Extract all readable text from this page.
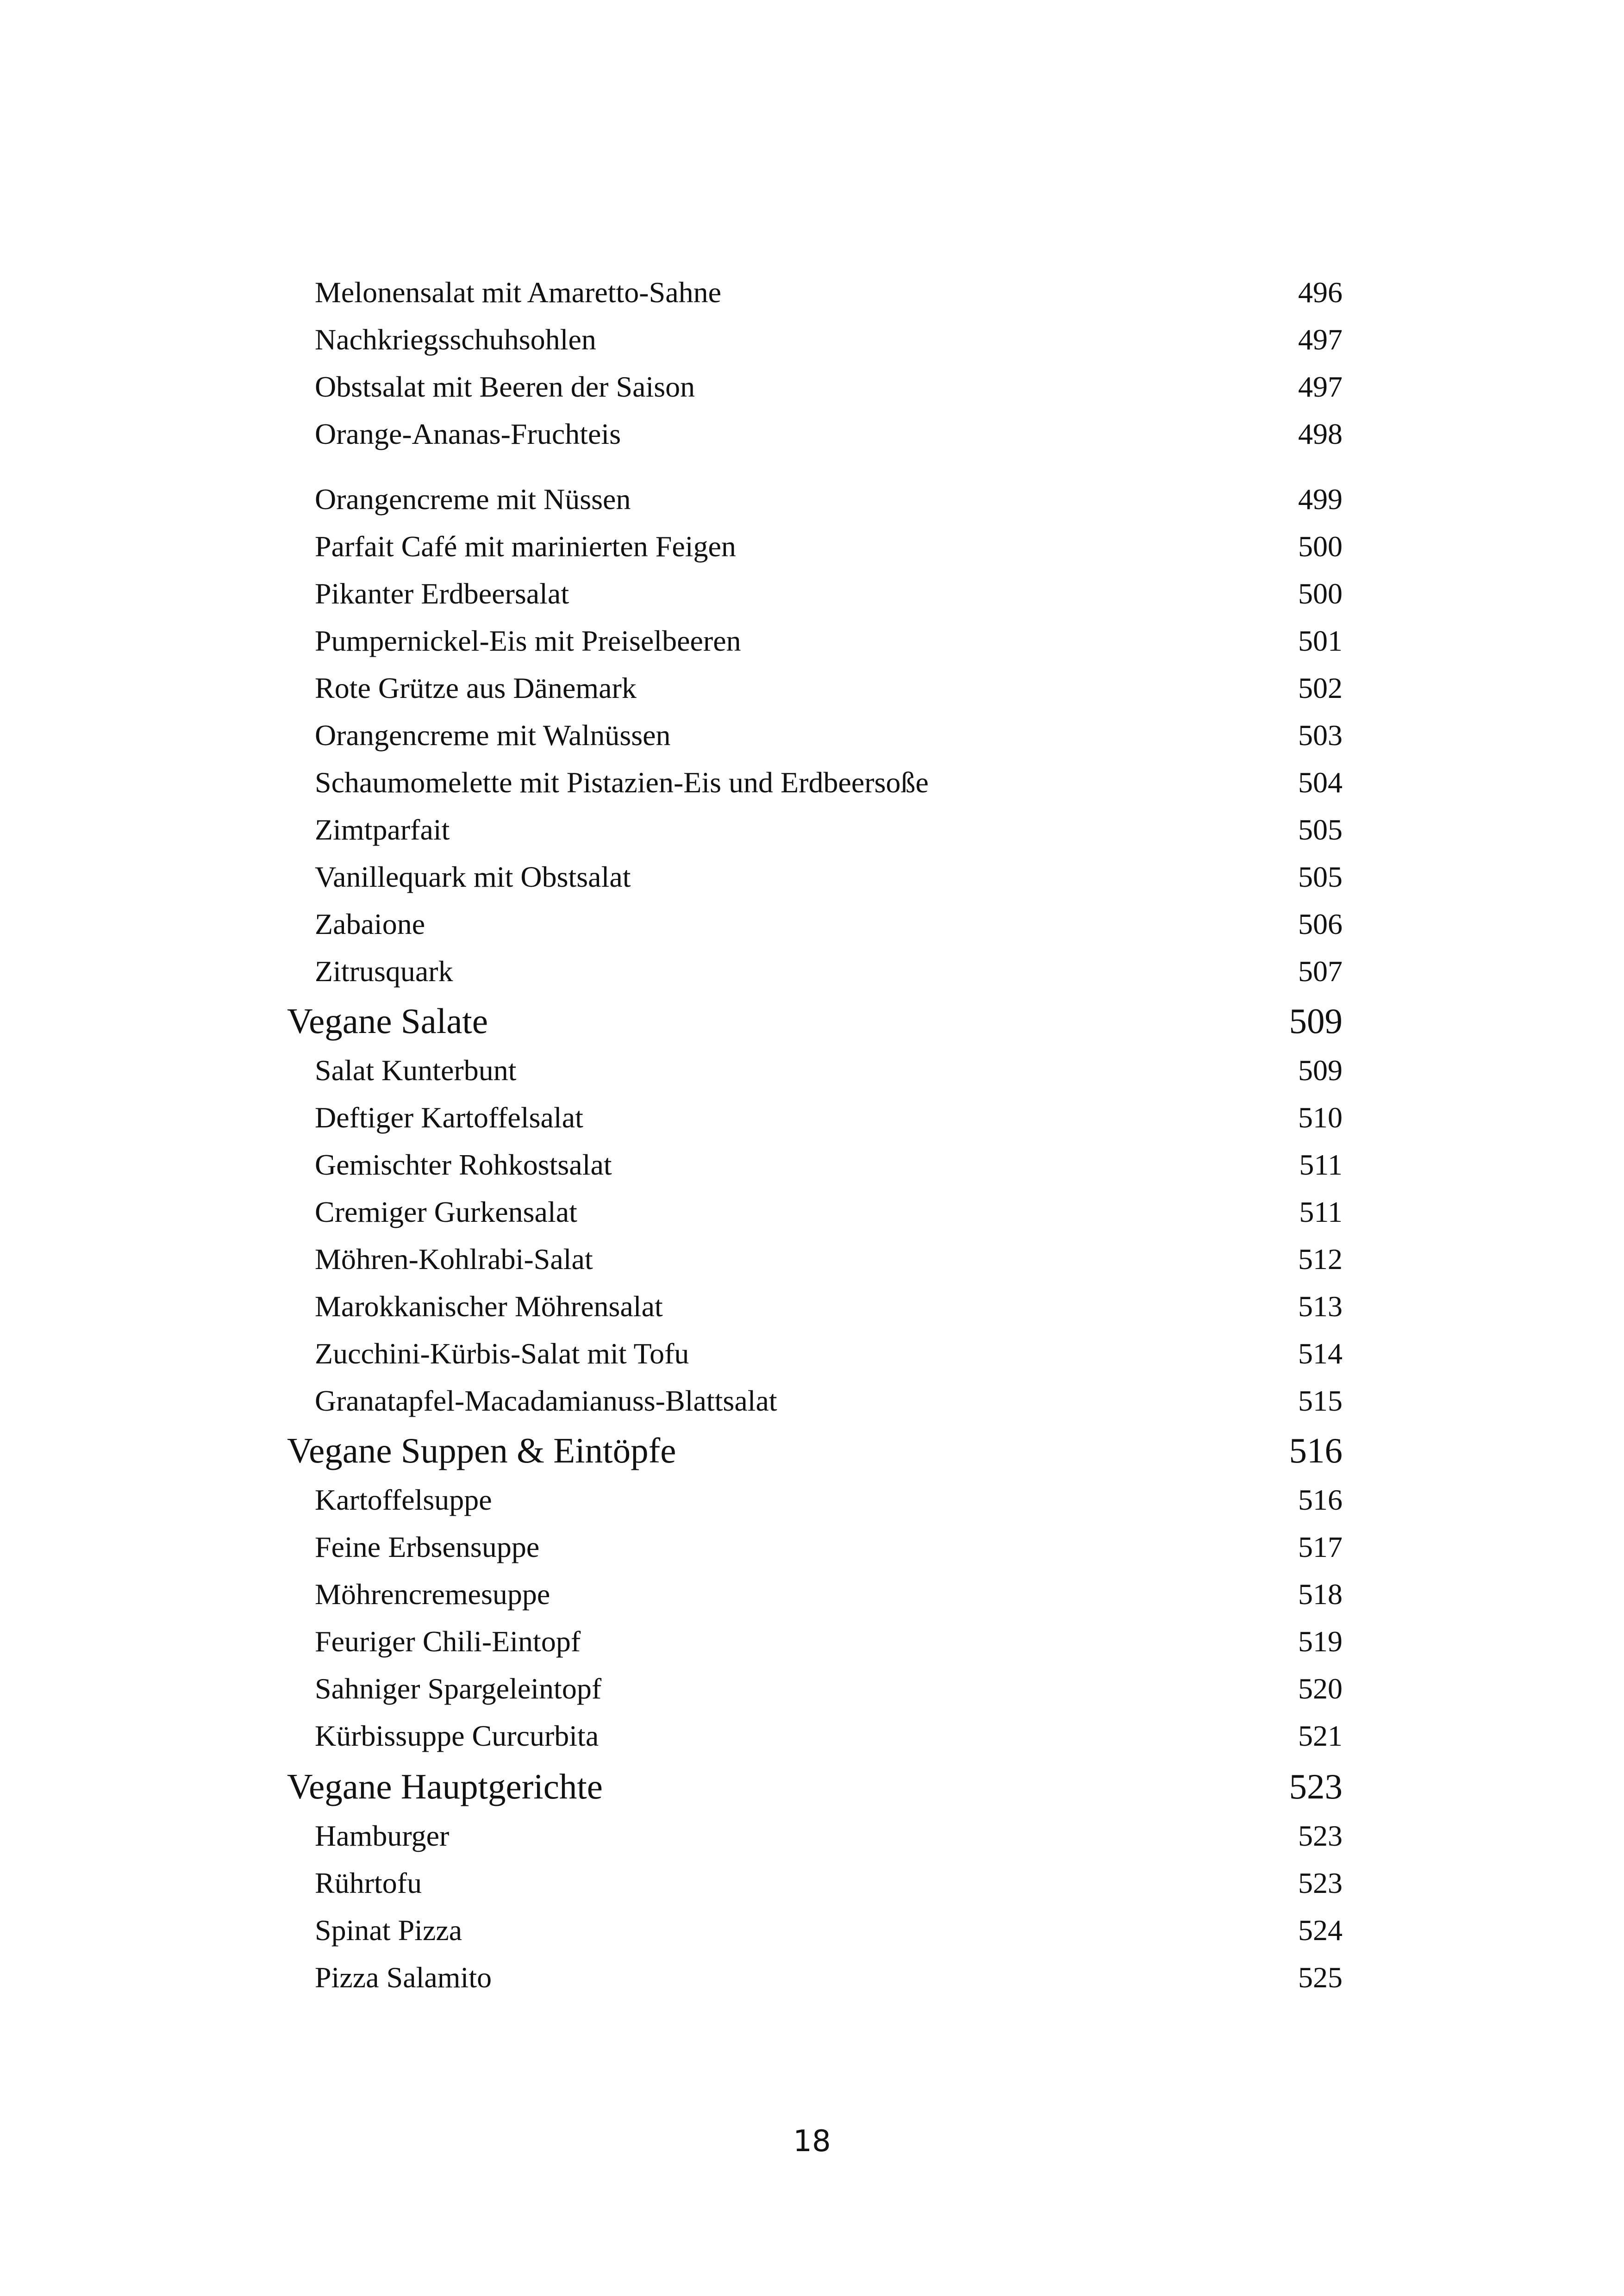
Melonensalat mit Amaretto-Sahne	496
Nachkriegsschuhsohlen	497
Obstsalat mit Beeren der Saison	497
Orange-Ananas-Fruchteis	498
Orangencreme mit Nüssen	499
Parfait Café mit marinierten Feigen	500
Pikanter Erdbeersalat	500
Pumpernickel-Eis mit Preiselbeeren	501
Rote Grütze aus Dänemark	502
Orangencreme mit Walnüssen	503
Schaumomelette mit Pistazien-Eis und Erdbeersoße	504
Zimtparfait	505
Vanillequark mit Obstsalat	505
Zabaione	506
Zitrusquark	507
Vegane Salate	509
Salat Kunterbunt	509
Deftiger Kartoffelsalat	510
Gemischter Rohkostsalat	511
Cremiger Gurkensalat	511
Möhren-Kohlrabi-Salat	512
Marokkanischer Möhrensalat	513
Zucchini-Kürbis-Salat mit Tofu	514
Granatapfel-Macadamianuss-Blattsalat	515
Vegane Suppen & Eintöpfe	516
Kartoffelsuppe	516
Feine Erbsensuppe	517
Möhrencremesuppe	518
Feuriger Chili-Eintopf	519
Sahniger Spargeleintopf	520
Kürbissuppe Curcurbita	521
Vegane Hauptgerichte	523
Hamburger	523
Rührtofu	523
Spinat Pizza	524
Pizza Salamito	525
18
